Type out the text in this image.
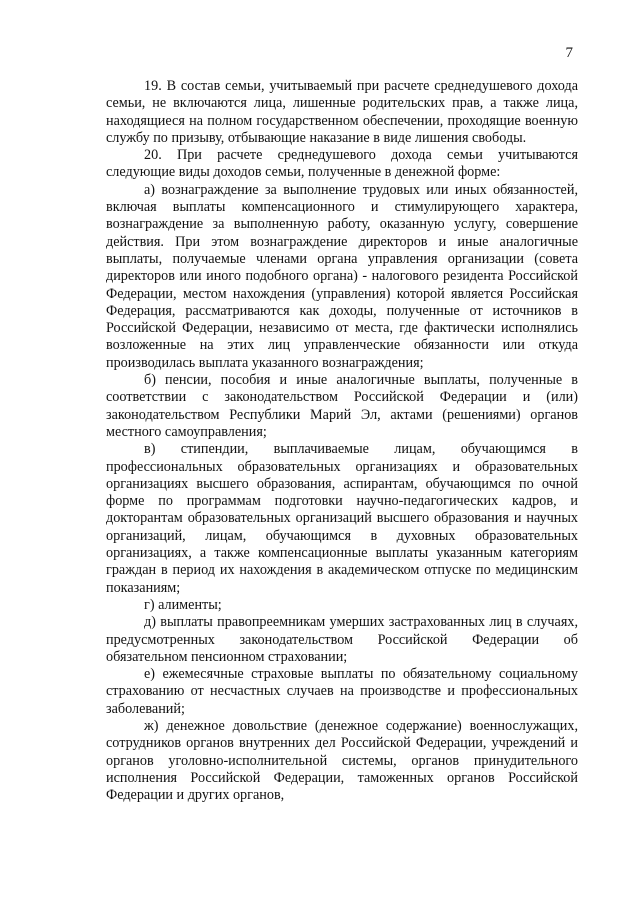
7

19. В состав семьи, учитываемый при расчете среднедушевого дохода семьи, не включаются лица, лишенные родительских прав, а также лица, находящиеся на полном государственном обеспечении, проходящие военную службу по призыву, отбывающие наказание в виде лишения свободы.

20. При расчете среднедушевого дохода семьи учитываются следующие виды доходов семьи, полученные в денежной форме:

а) вознаграждение за выполнение трудовых или иных обязанностей, включая выплаты компенсационного и стимулирующего характера, вознаграждение за выполненную работу, оказанную услугу, совершение действия. При этом вознаграждение директоров и иные аналогичные выплаты, получаемые членами органа управления организации (совета директоров или иного подобного органа) - налогового резидента Российской Федерации, местом нахождения (управления) которой является Российская Федерация, рассматриваются как доходы, полученные от источников в Российской Федерации, независимо от места, где фактически исполнялись возложенные на этих лиц управленческие обязанности или откуда производилась выплата указанного вознаграждения;

б) пенсии, пособия и иные аналогичные выплаты, полученные в соответствии с законодательством Российской Федерации и (или) законодательством Республики Марий Эл, актами (решениями) органов местного самоуправления;

в) стипендии, выплачиваемые лицам, обучающимся в профессиональных образовательных организациях и образовательных организациях высшего образования, аспирантам, обучающимся по очной форме по программам подготовки научно-педагогических кадров, и докторантам образовательных организаций высшего образования и научных организаций, лицам, обучающимся в духовных образовательных организациях, а также компенсационные выплаты указанным категориям граждан в период их нахождения в академическом отпуске по медицинским показаниям;

г) алименты;

д) выплаты правопреемникам умерших застрахованных лиц в случаях, предусмотренных законодательством Российской Федерации об обязательном пенсионном страховании;

е) ежемесячные страховые выплаты по обязательному социальному страхованию от несчастных случаев на производстве и профессиональных заболеваний;

ж) денежное довольствие (денежное содержание) военнослужащих, сотрудников органов внутренних дел Российской Федерации, учреждений и органов уголовно-исполнительной системы, органов принудительного исполнения Российской Федерации, таможенных органов Российской Федерации и других органов,
